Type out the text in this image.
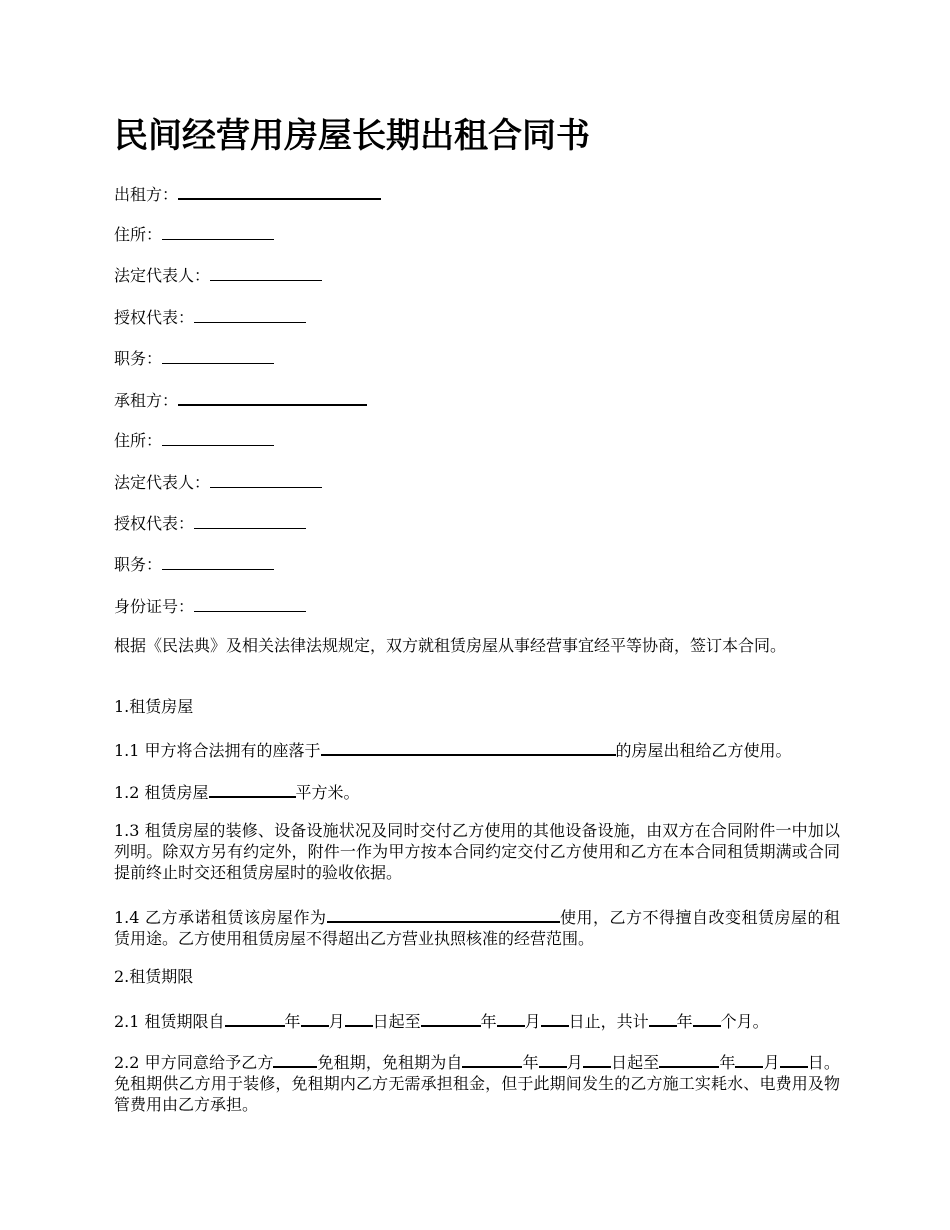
民间经营用房屋长期出租合同书

出租方：

住所：

法定代表人：

授权代表：

职务：

承租方：

住所：

法定代表人：

授权代表：

职务：

身份证号：

根据《民法典》及相关法律法规规定，双方就租赁房屋从事经营事宜经平等协商，签订本合同。

1.租赁房屋

1.1 甲方将合法拥有的座落于	的房屋出租给乙方使用。

1.2 租赁房屋	平方米。

1.3 租赁房屋的装修、设备设施状况及同时交付乙方使用的其他设备设施，由双方在合同附件一中加以列明。除双方另有约定外，附件一作为甲方按本合同约定交付乙方使用和乙方在本合同租赁期满或合同提前终止时交还租赁房屋时的验收依据。

1.4 乙方承诺租赁该房屋作为	使用，乙方不得擅自改变租赁房屋的租赁用途。乙方使用租赁房屋不得超出乙方营业执照核准的经营范围。

2.租赁期限

2.1 租赁期限自	年 月 日起至	年 月 日止，共计 年 个月。

2.2 甲方同意给予乙方	免租期，免租期为自	年 月 日起至	年 月 日。免租期供乙方用于装修，免租期内乙方无需承担租金，但于此期间发生的乙方施工实耗水、电费用及物管费用由乙方承担。
